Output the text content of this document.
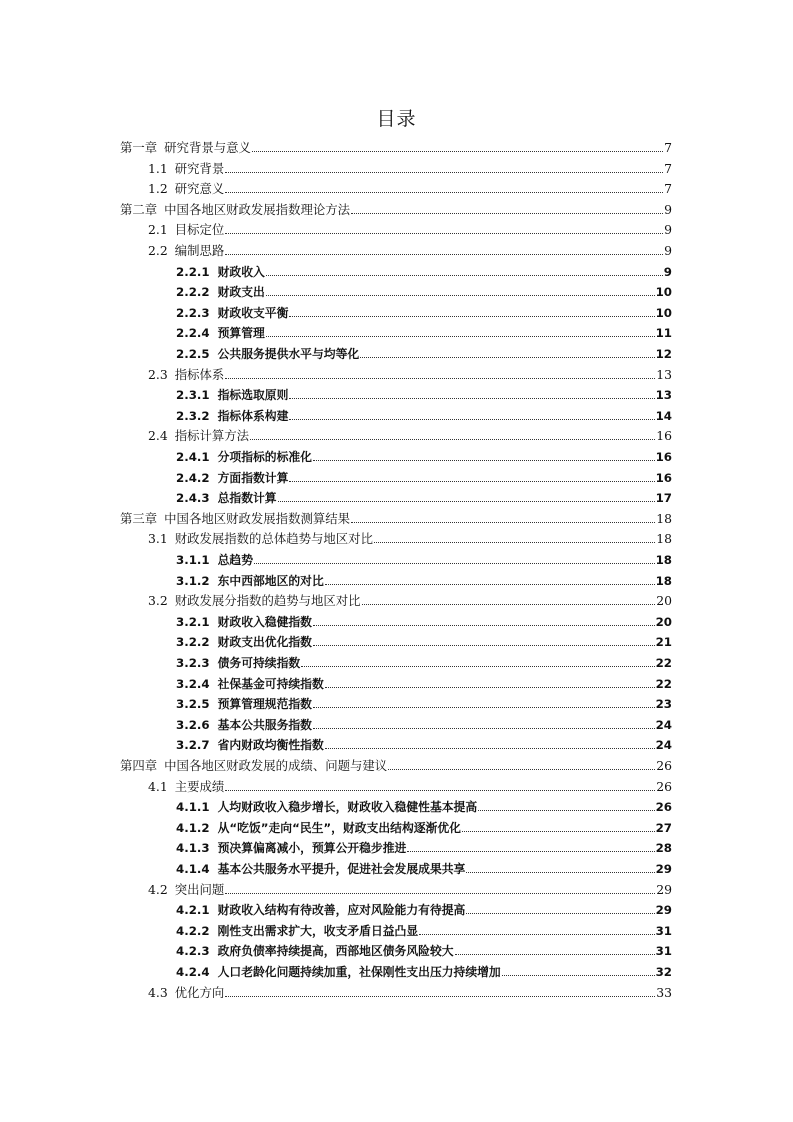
目录
第一章 研究背景与意义	7
1.1 研究背景	7
1.2 研究意义	7
第二章 中国各地区财政发展指数理论方法	9
2.1 目标定位	9
2.2 编制思路	9
2.2.1 财政收入	9
2.2.2 财政支出	10
2.2.3 财政收支平衡	10
2.2.4 预算管理	11
2.2.5 公共服务提供水平与均等化	12
2.3 指标体系	13
2.3.1 指标选取原则	13
2.3.2 指标体系构建	14
2.4 指标计算方法	16
2.4.1 分项指标的标准化	16
2.4.2 方面指数计算	16
2.4.3 总指数计算	17
第三章 中国各地区财政发展指数测算结果	18
3.1 财政发展指数的总体趋势与地区对比	18
3.1.1 总趋势	18
3.1.2 东中西部地区的对比	18
3.2 财政发展分指数的趋势与地区对比	20
3.2.1 财政收入稳健指数	20
3.2.2 财政支出优化指数	21
3.2.3 债务可持续指数	22
3.2.4 社保基金可持续指数	22
3.2.5 预算管理规范指数	23
3.2.6 基本公共服务指数	24
3.2.7 省内财政均衡性指数	24
第四章 中国各地区财政发展的成绩、问题与建议	26
4.1 主要成绩	26
4.1.1 人均财政收入稳步增长，财政收入稳健性基本提高	26
4.1.2 从“吃饭”走向“民生”，财政支出结构逐渐优化	27
4.1.3 预决算偏离减小，预算公开稳步推进	28
4.1.4 基本公共服务水平提升，促进社会发展成果共享	29
4.2 突出问题	29
4.2.1 财政收入结构有待改善，应对风险能力有待提高	29
4.2.2 刚性支出需求扩大，收支矛盾日益凸显	31
4.2.3 政府负债率持续提高，西部地区债务风险较大	31
4.2.4 人口老龄化问题持续加重，社保刚性支出压力持续增加	32
4.3 优化方向	33
